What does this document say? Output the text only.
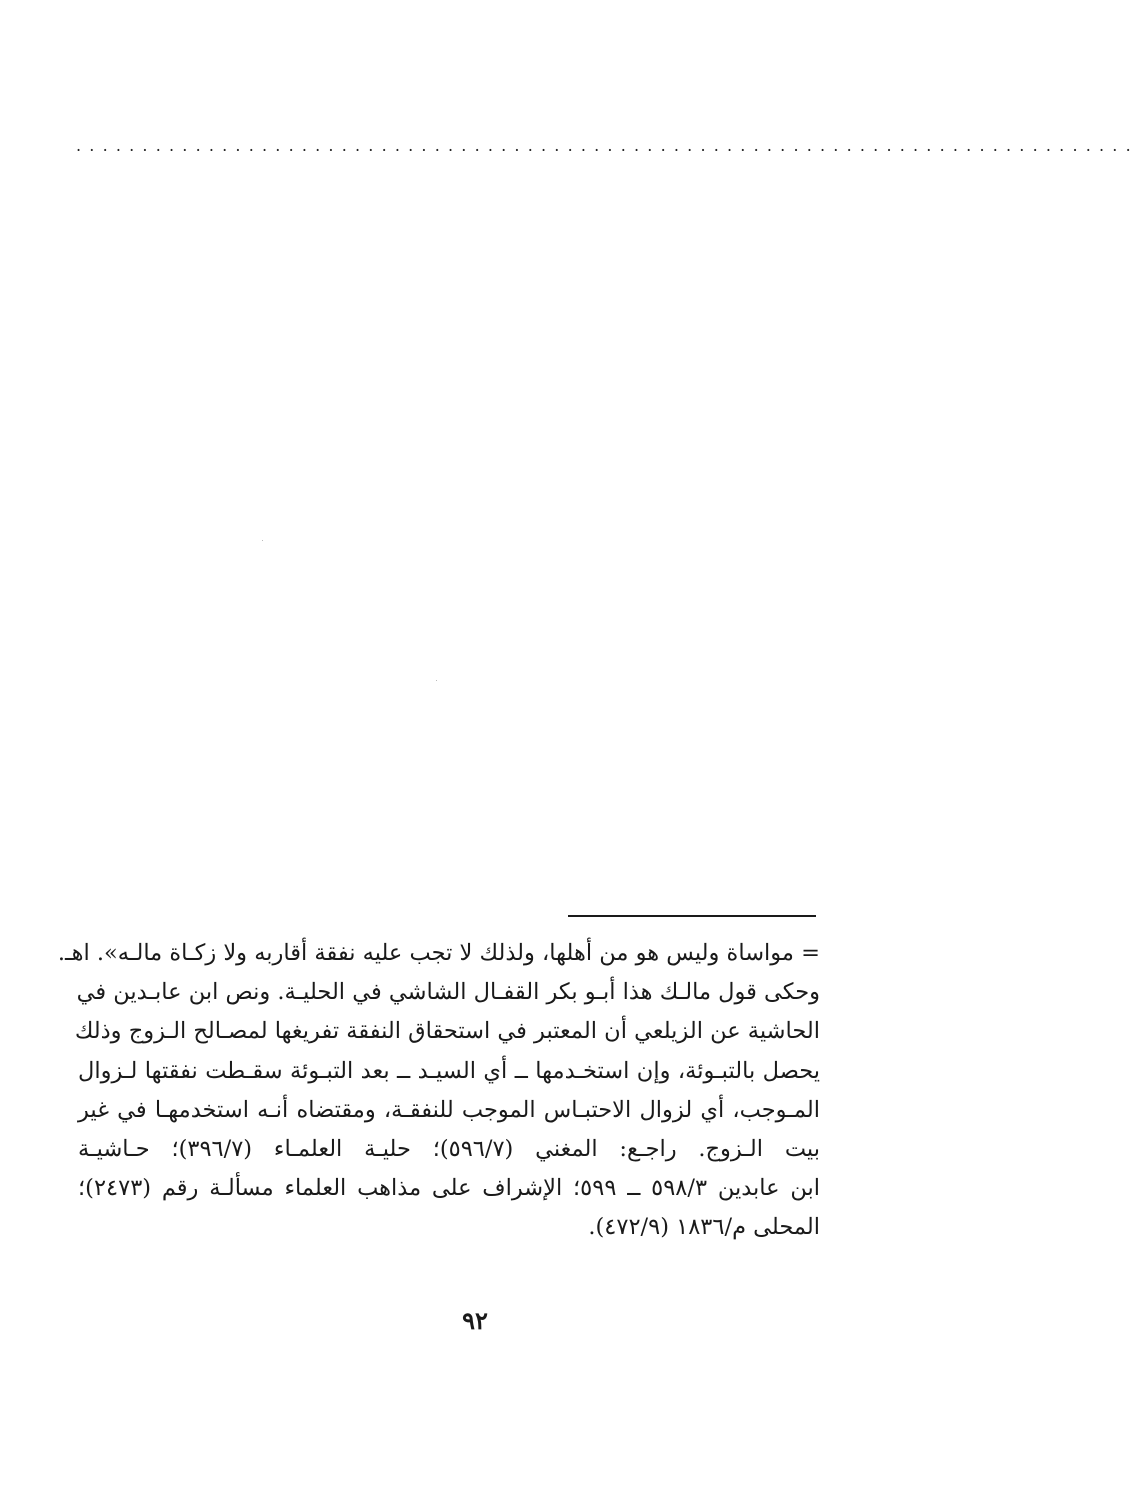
................................................................................
= مواساة وليس هو من أهلها، ولذلك لا تجب عليه نفقة أقاربه ولا زكـاة مالـه». اهـ.
وحكى قول مالـك هذا أبـو بكر القفـال الشاشي في الحليـة. ونص ابن عابـدين في
الحاشية عن الزيلعي أن المعتبر في استحقاق النفقة تفريغها لمصـالح الـزوج وذلك
يحصل بالتبـوئة، وإن استخـدمها ــ أي السيـد ــ بعد التبـوئة سقـطت نفقتها لـزوال
المـوجب، أي لزوال الاحتبـاس الموجب للنفقـة، ومقتضاه أنـه استخدمهـا في غير
بيت الـزوج. راجـع: المغني (٥٩٦/٧)؛ حليـة العلمـاء (٣٩٦/٧)؛ حـاشيـة
ابن عابدين ٥٩٨/٣ ــ ٥٩٩؛ الإشراف على مذاهب العلماء مسألـة رقم (٢٤٧٣)؛
المحلى م/١٨٣٦ (٤٧٢/٩).
٩٢
